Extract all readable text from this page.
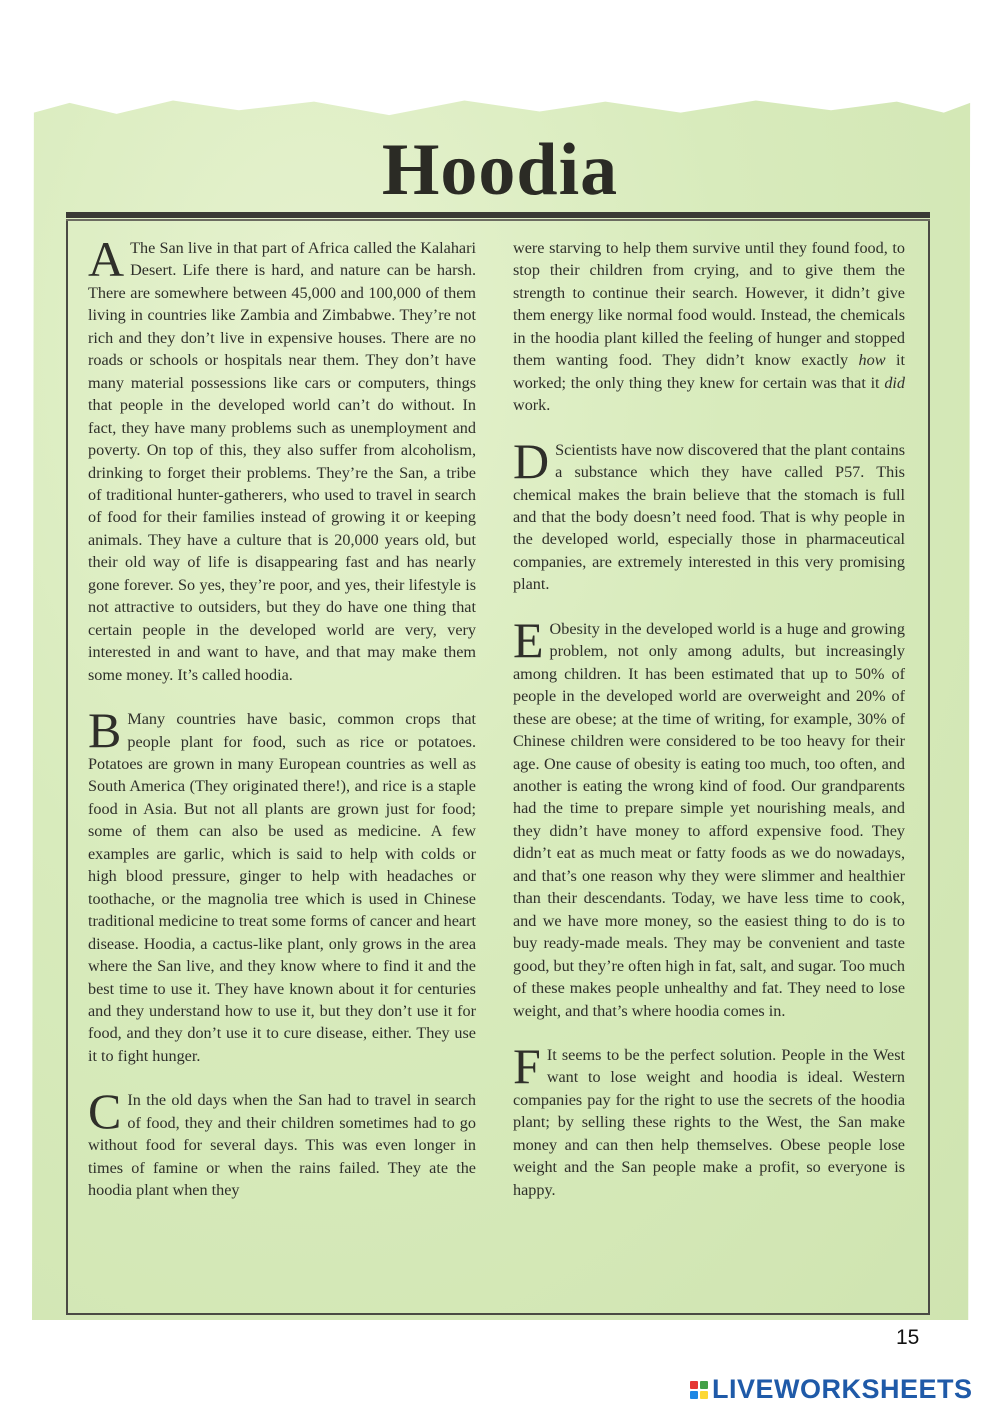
Hoodia

A The San live in that part of Africa called the Kalahari Desert. Life there is hard, and nature can be harsh. There are somewhere between 45,000 and 100,000 of them living in countries like Zambia and Zimbabwe. They’re not rich and they don’t live in expensive houses. There are no roads or schools or hospitals near them. They don’t have many material possessions like cars or computers, things that people in the developed world can’t do without. In fact, they have many problems such as unemployment and poverty. On top of this, they also suffer from alcoholism, drinking to forget their problems. They’re the San, a tribe of traditional hunter-gatherers, who used to travel in search of food for their families instead of growing it or keeping animals. They have a culture that is 20,000 years old, but their old way of life is disappearing fast and has nearly gone forever. So yes, they’re poor, and yes, their lifestyle is not attractive to outsiders, but they do have one thing that certain people in the developed world are very, very interested in and want to have, and that may make them some money. It’s called hoodia.

B Many countries have basic, common crops that people plant for food, such as rice or potatoes. Potatoes are grown in many European countries as well as South America (They originated there!), and rice is a staple food in Asia. But not all plants are grown just for food; some of them can also be used as medicine. A few examples are garlic, which is said to help with colds or high blood pressure, ginger to help with headaches or toothache, or the magnolia tree which is used in Chinese traditional medicine to treat some forms of cancer and heart disease. Hoodia, a cactus-like plant, only grows in the area where the San live, and they know where to find it and the best time to use it. They have known about it for centuries and they understand how to use it, but they don’t use it for food, and they don’t use it to cure disease, either. They use it to fight hunger.

C In the old days when the San had to travel in search of food, they and their children sometimes had to go without food for several days. This was even longer in times of famine or when the rains failed. They ate the hoodia plant when they

were starving to help them survive until they found food, to stop their children from crying, and to give them the strength to continue their search. However, it didn’t give them energy like normal food would. Instead, the chemicals in the hoodia plant killed the feeling of hunger and stopped them wanting food. They didn’t know exactly how it worked; the only thing they knew for certain was that it did work.

D Scientists have now discovered that the plant contains a substance which they have called P57. This chemical makes the brain believe that the stomach is full and that the body doesn’t need food. That is why people in the developed world, especially those in pharmaceutical companies, are extremely interested in this very promising plant.

E Obesity in the developed world is a huge and growing problem, not only among adults, but increasingly among children. It has been estimated that up to 50% of people in the developed world are overweight and 20% of these are obese; at the time of writing, for example, 30% of Chinese children were considered to be too heavy for their age. One cause of obesity is eating too much, too often, and another is eating the wrong kind of food. Our grandparents had the time to prepare simple yet nourishing meals, and they didn’t have money to afford expensive food. They didn’t eat as much meat or fatty foods as we do nowadays, and that’s one reason why they were slimmer and healthier than their descendants. Today, we have less time to cook, and we have more money, so the easiest thing to do is to buy ready-made meals. They may be convenient and taste good, but they’re often high in fat, salt, and sugar. Too much of these makes people unhealthy and fat. They need to lose weight, and that’s where hoodia comes in.

F It seems to be the perfect solution. People in the West want to lose weight and hoodia is ideal. Western companies pay for the right to use the secrets of the hoodia plant; by selling these rights to the West, the San make money and can then help themselves. Obese people lose weight and the San people make a profit, so everyone is happy.

15
LIVEWORKSHEETS
